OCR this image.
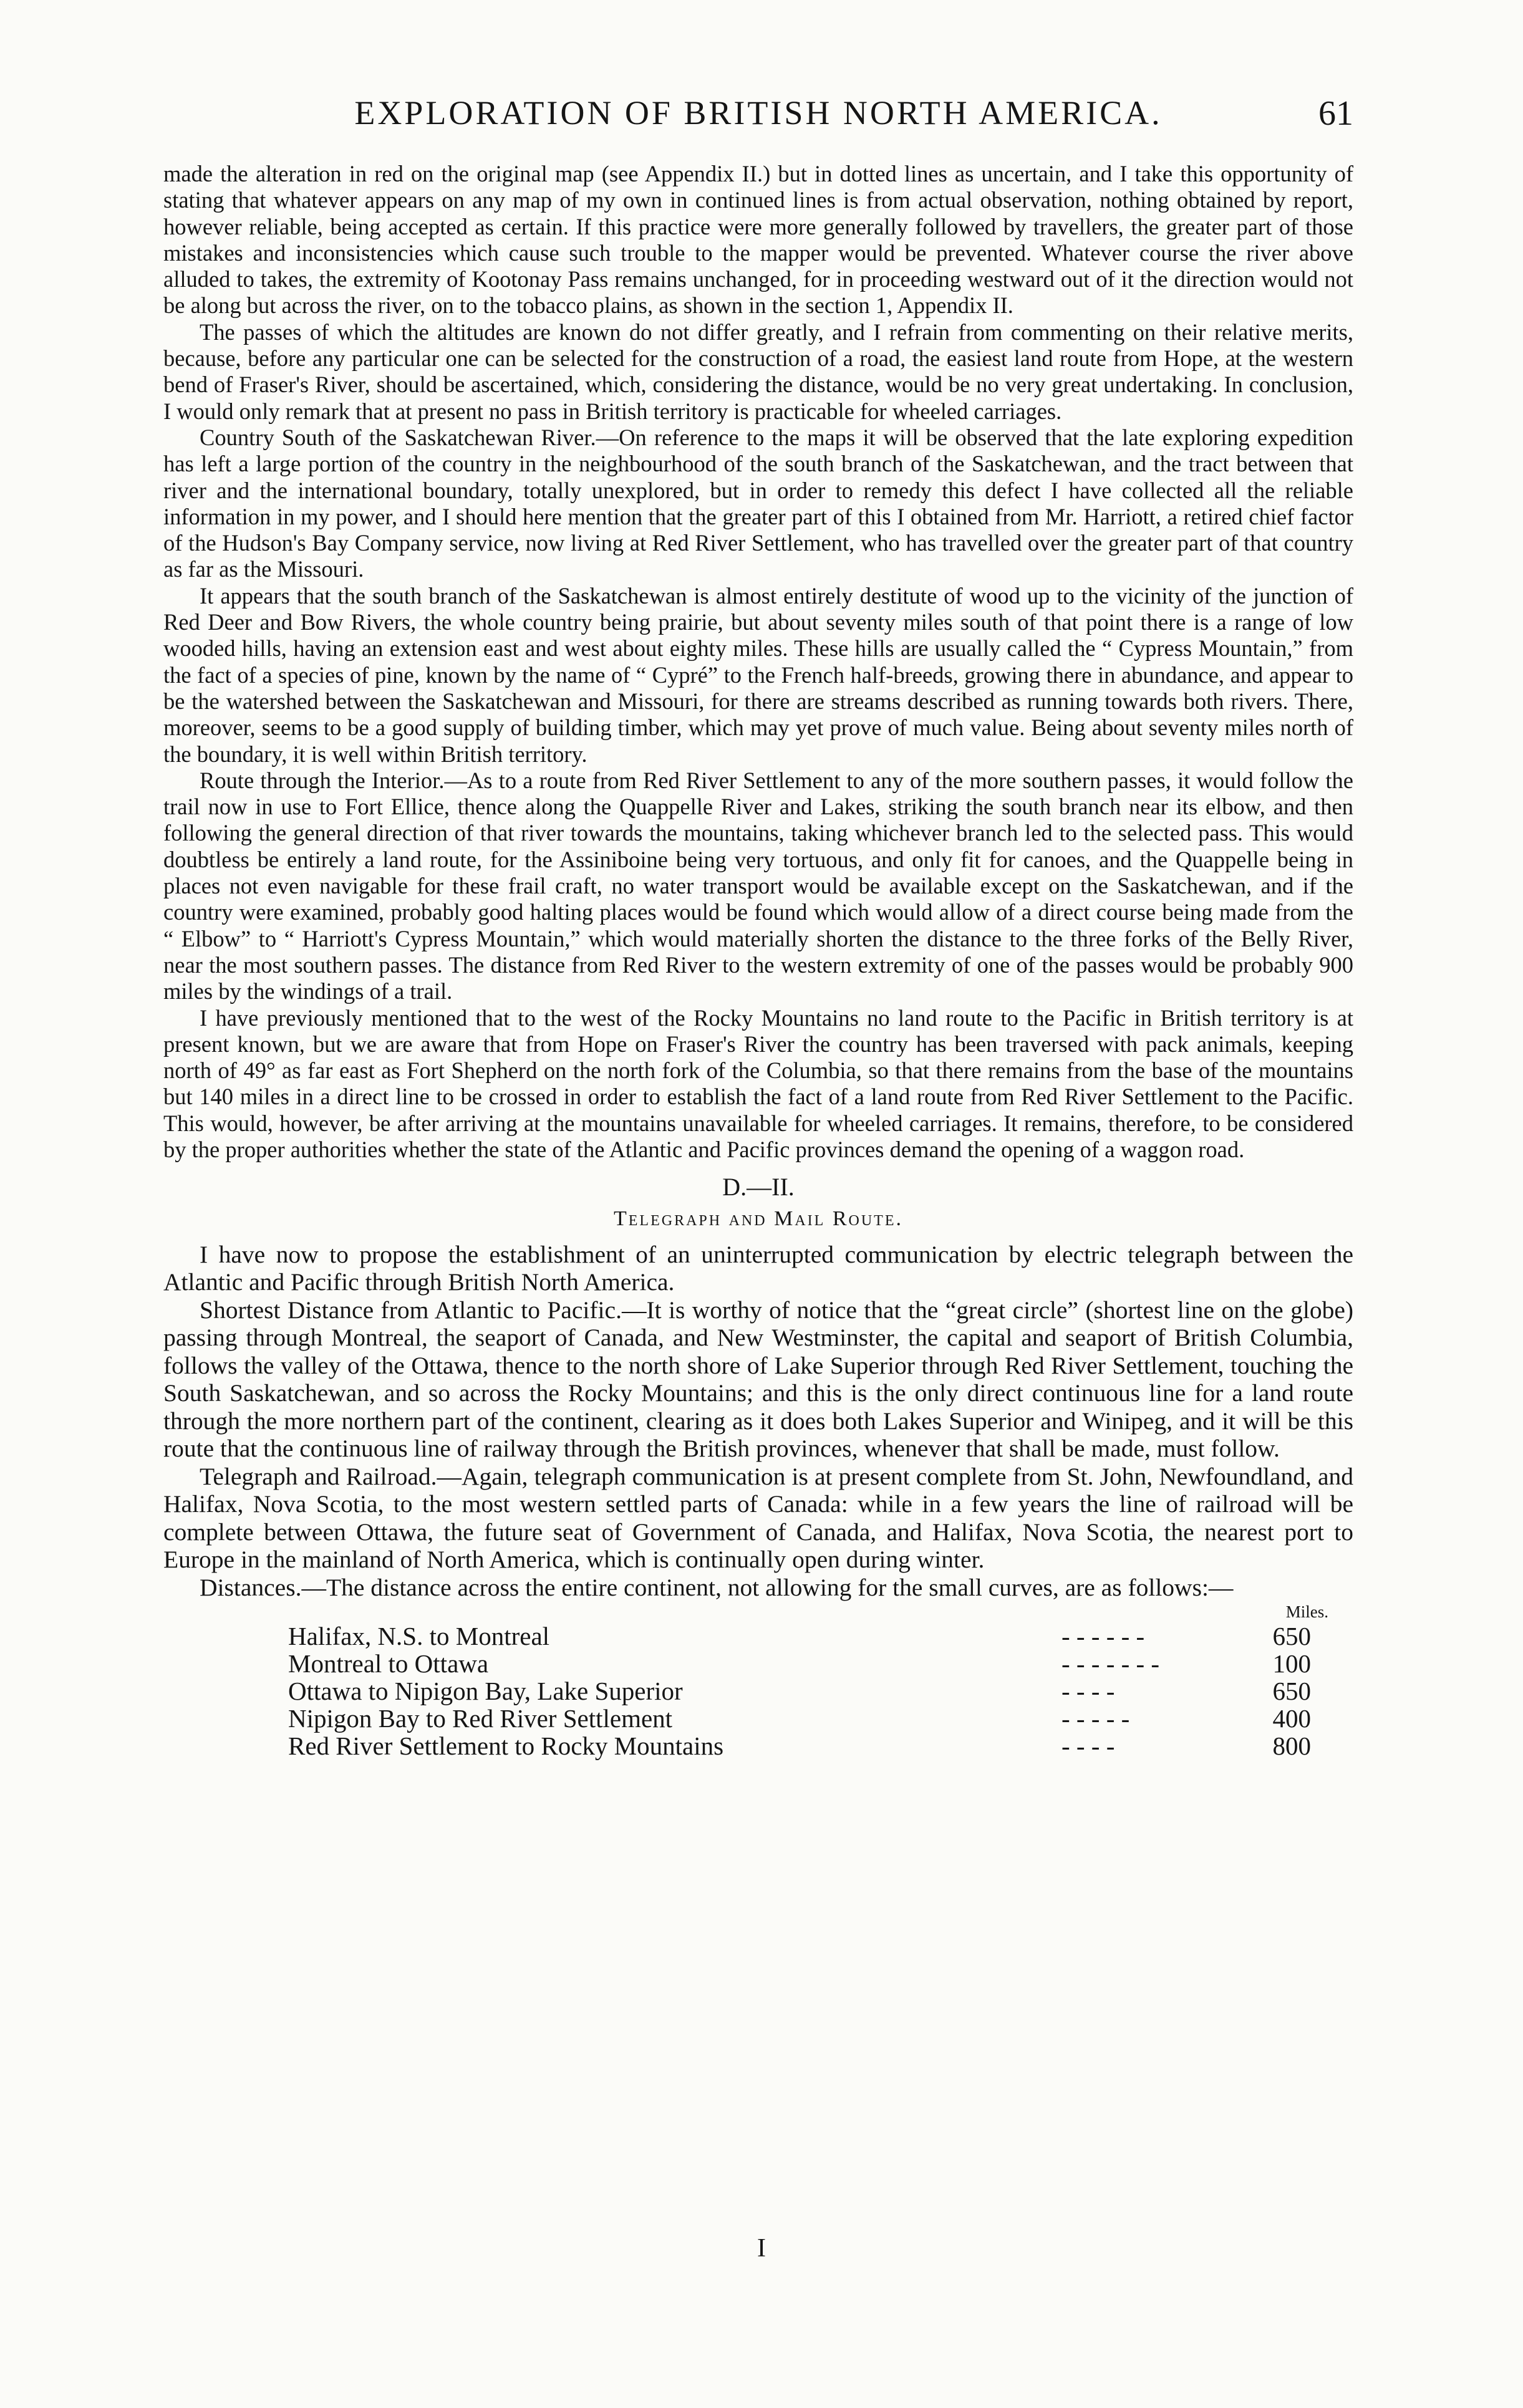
EXPLORATION OF BRITISH NORTH AMERICA.	61

made the alteration in red on the original map (see Appendix II.) but in dotted lines as uncertain, and I take this opportunity of stating that whatever appears on any map of my own in continued lines is from actual observation, nothing obtained by report, however reliable, being accepted as certain. If this practice were more generally followed by travellers, the greater part of those mistakes and inconsistencies which cause such trouble to the mapper would be prevented. Whatever course the river above alluded to takes, the extremity of Kootonay Pass remains unchanged, for in proceeding westward out of it the direction would not be along but across the river, on to the tobacco plains, as shown in the section 1, Appendix II.

The passes of which the altitudes are known do not differ greatly, and I refrain from commenting on their relative merits, because, before any particular one can be selected for the construction of a road, the easiest land route from Hope, at the western bend of Fraser's River, should be ascertained, which, considering the distance, would be no very great undertaking. In conclusion, I would only remark that at present no pass in British territory is practicable for wheeled carriages.

Country South of the Saskatchewan River.—On reference to the maps it will be observed that the late exploring expedition has left a large portion of the country in the neighbourhood of the south branch of the Saskatchewan, and the tract between that river and the international boundary, totally unexplored, but in order to remedy this defect I have collected all the reliable information in my power, and I should here mention that the greater part of this I obtained from Mr. Harriott, a retired chief factor of the Hudson's Bay Company service, now living at Red River Settlement, who has travelled over the greater part of that country as far as the Missouri.

It appears that the south branch of the Saskatchewan is almost entirely destitute of wood up to the vicinity of the junction of Red Deer and Bow Rivers, the whole country being prairie, but about seventy miles south of that point there is a range of low wooded hills, having an extension east and west about eighty miles. These hills are usually called the “ Cypress Mountain,” from the fact of a species of pine, known by the name of “ Cypré” to the French half-breeds, growing there in abundance, and appear to be the watershed between the Saskatchewan and Missouri, for there are streams described as running towards both rivers. There, moreover, seems to be a good supply of building timber, which may yet prove of much value. Being about seventy miles north of the boundary, it is well within British territory.

Route through the Interior.—As to a route from Red River Settlement to any of the more southern passes, it would follow the trail now in use to Fort Ellice, thence along the Quappelle River and Lakes, striking the south branch near its elbow, and then following the general direction of that river towards the mountains, taking whichever branch led to the selected pass. This would doubtless be entirely a land route, for the Assiniboine being very tortuous, and only fit for canoes, and the Quappelle being in places not even navigable for these frail craft, no water transport would be available except on the Saskatchewan, and if the country were examined, probably good halting places would be found which would allow of a direct course being made from the “ Elbow” to “ Harriott's Cypress Mountain,” which would materially shorten the distance to the three forks of the Belly River, near the most southern passes. The distance from Red River to the western extremity of one of the passes would be probably 900 miles by the windings of a trail.

I have previously mentioned that to the west of the Rocky Mountains no land route to the Pacific in British territory is at present known, but we are aware that from Hope on Fraser's River the country has been traversed with pack animals, keeping north of 49° as far east as Fort Shepherd on the north fork of the Columbia, so that there remains from the base of the mountains but 140 miles in a direct line to be crossed in order to establish the fact of a land route from Red River Settlement to the Pacific. This would, however, be after arriving at the mountains unavailable for wheeled carriages. It remains, therefore, to be considered by the proper authorities whether the state of the Atlantic and Pacific provinces demand the opening of a waggon road.

D.—II.
Telegraph and Mail Route.

I have now to propose the establishment of an uninterrupted communication by electric telegraph between the Atlantic and Pacific through British North America.

Shortest Distance from Atlantic to Pacific.—It is worthy of notice that the “great circle” (shortest line on the globe) passing through Montreal, the seaport of Canada, and New Westminster, the capital and seaport of British Columbia, follows the valley of the Ottawa, thence to the north shore of Lake Superior through Red River Settlement, touching the South Saskatchewan, and so across the Rocky Mountains; and this is the only direct continuous line for a land route through the more northern part of the continent, clearing as it does both Lakes Superior and Winipeg, and it will be this route that the continuous line of railway through the British provinces, whenever that shall be made, must follow.

Telegraph and Railroad.—Again, telegraph communication is at present complete from St. John, Newfoundland, and Halifax, Nova Scotia, to the most western settled parts of Canada: while in a few years the line of railroad will be complete between Ottawa, the future seat of Government of Canada, and Halifax, Nova Scotia, the nearest port to Europe in the mainland of North America, which is continually open during winter.

Distances.—The distance across the entire continent, not allowing for the small curves, are as follows:—

Miles.
Halifax, N.S. to Montreal	- - - - - -	650
Montreal to Ottawa	- - - - - - -	100
Ottawa to Nipigon Bay, Lake Superior	- - - -	650
Nipigon Bay to Red River Settlement	- - - - -	400
Red River Settlement to Rocky Mountains	- - - -	800
I
